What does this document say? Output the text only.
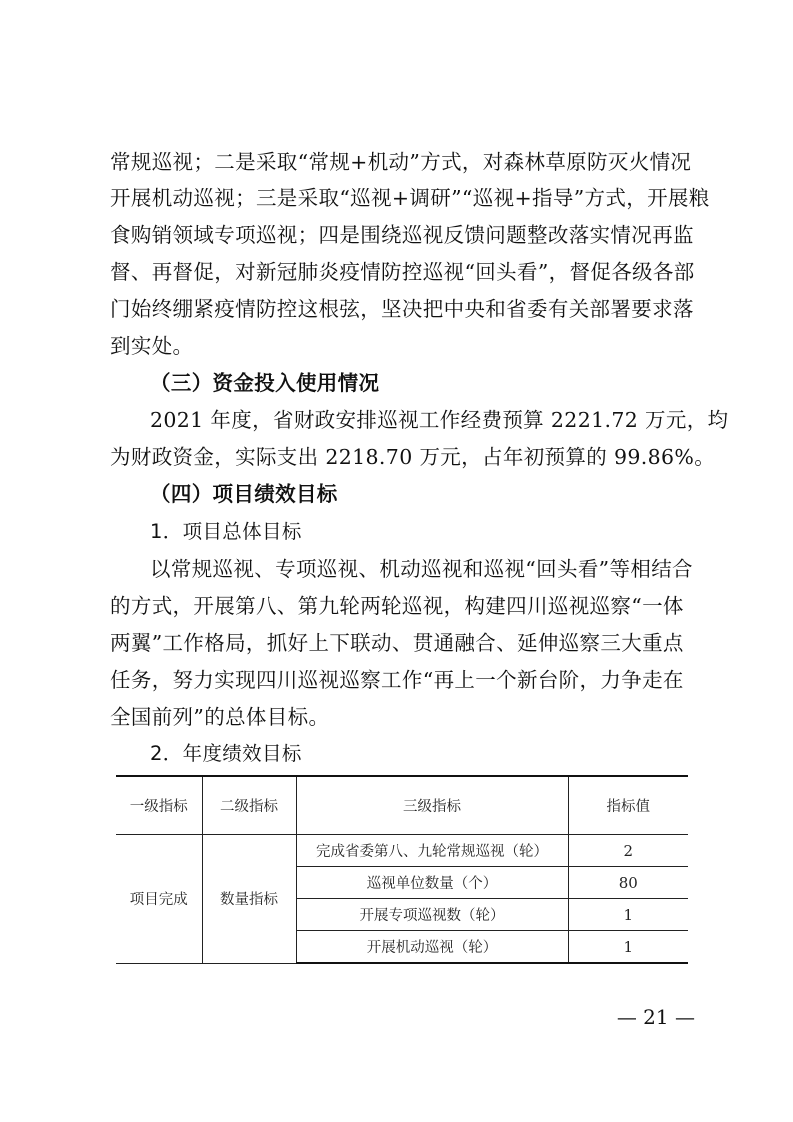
常规巡视；二是采取“常规+机动”方式，对森林草原防灭火情况
开展机动巡视；三是采取“巡视+调研”“巡视+指导”方式，开展粮
食购销领域专项巡视；四是围绕巡视反馈问题整改落实情况再监
督、再督促，对新冠肺炎疫情防控巡视“回头看”，督促各级各部
门始终绷紧疫情防控这根弦，坚决把中央和省委有关部署要求落
到实处。
（三）资金投入使用情况
2021 年度，省财政安排巡视工作经费预算 2221.72 万元，均
为财政资金，实际支出 2218.70 万元，占年初预算的 99.86%。
（四）项目绩效目标
1．项目总体目标
以常规巡视、专项巡视、机动巡视和巡视“回头看”等相结合
的方式，开展第八、第九轮两轮巡视，构建四川巡视巡察“一体
两翼”工作格局，抓好上下联动、贯通融合、延伸巡察三大重点
任务，努力实现四川巡视巡察工作“再上一个新台阶，力争走在
全国前列”的总体目标。
2．年度绩效目标
一级指标	二级指标	三级指标	指标值
项目完成	数量指标	完成省委第八、九轮常规巡视（轮）	2
		巡视单位数量（个）	80
		开展专项巡视数（轮）	1
		开展机动巡视（轮）	1
— 21 —
